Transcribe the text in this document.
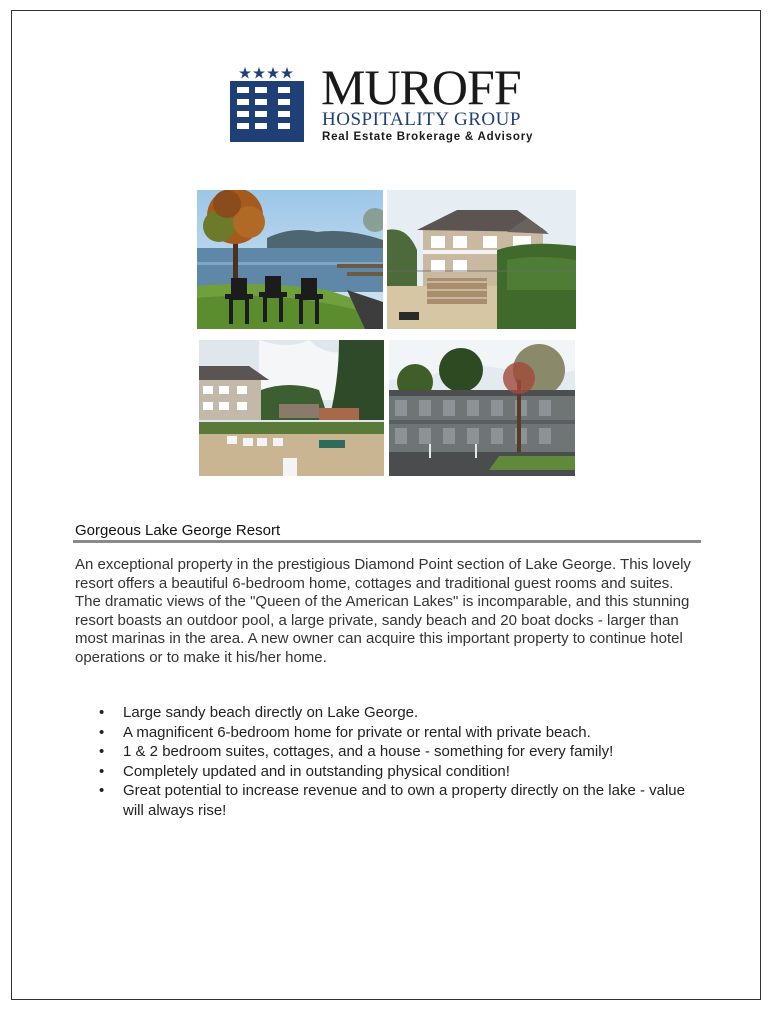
MUROFF
HOSPITALITY GROUP
Real Estate Brokerage & Advisory
Gorgeous Lake George Resort

An exceptional property in the prestigious Diamond Point section of Lake George. This lovely resort offers a beautiful 6-bedroom home, cottages and traditional guest rooms and suites. The dramatic views of the "Queen of the American Lakes" is incomparable, and this stunning resort boasts an outdoor pool, a large private, sandy beach and 20 boat docks - larger than most marinas in the area. A new owner can acquire this important property to continue hotel operations or to make it his/her home.

• Large sandy beach directly on Lake George.
• A magnificent 6-bedroom home for private or rental with private beach.
• 1 & 2 bedroom suites, cottages, and a house - something for every family!
• Completely updated and in outstanding physical condition!
• Great potential to increase revenue and to own a property directly on the lake - value will always rise!
